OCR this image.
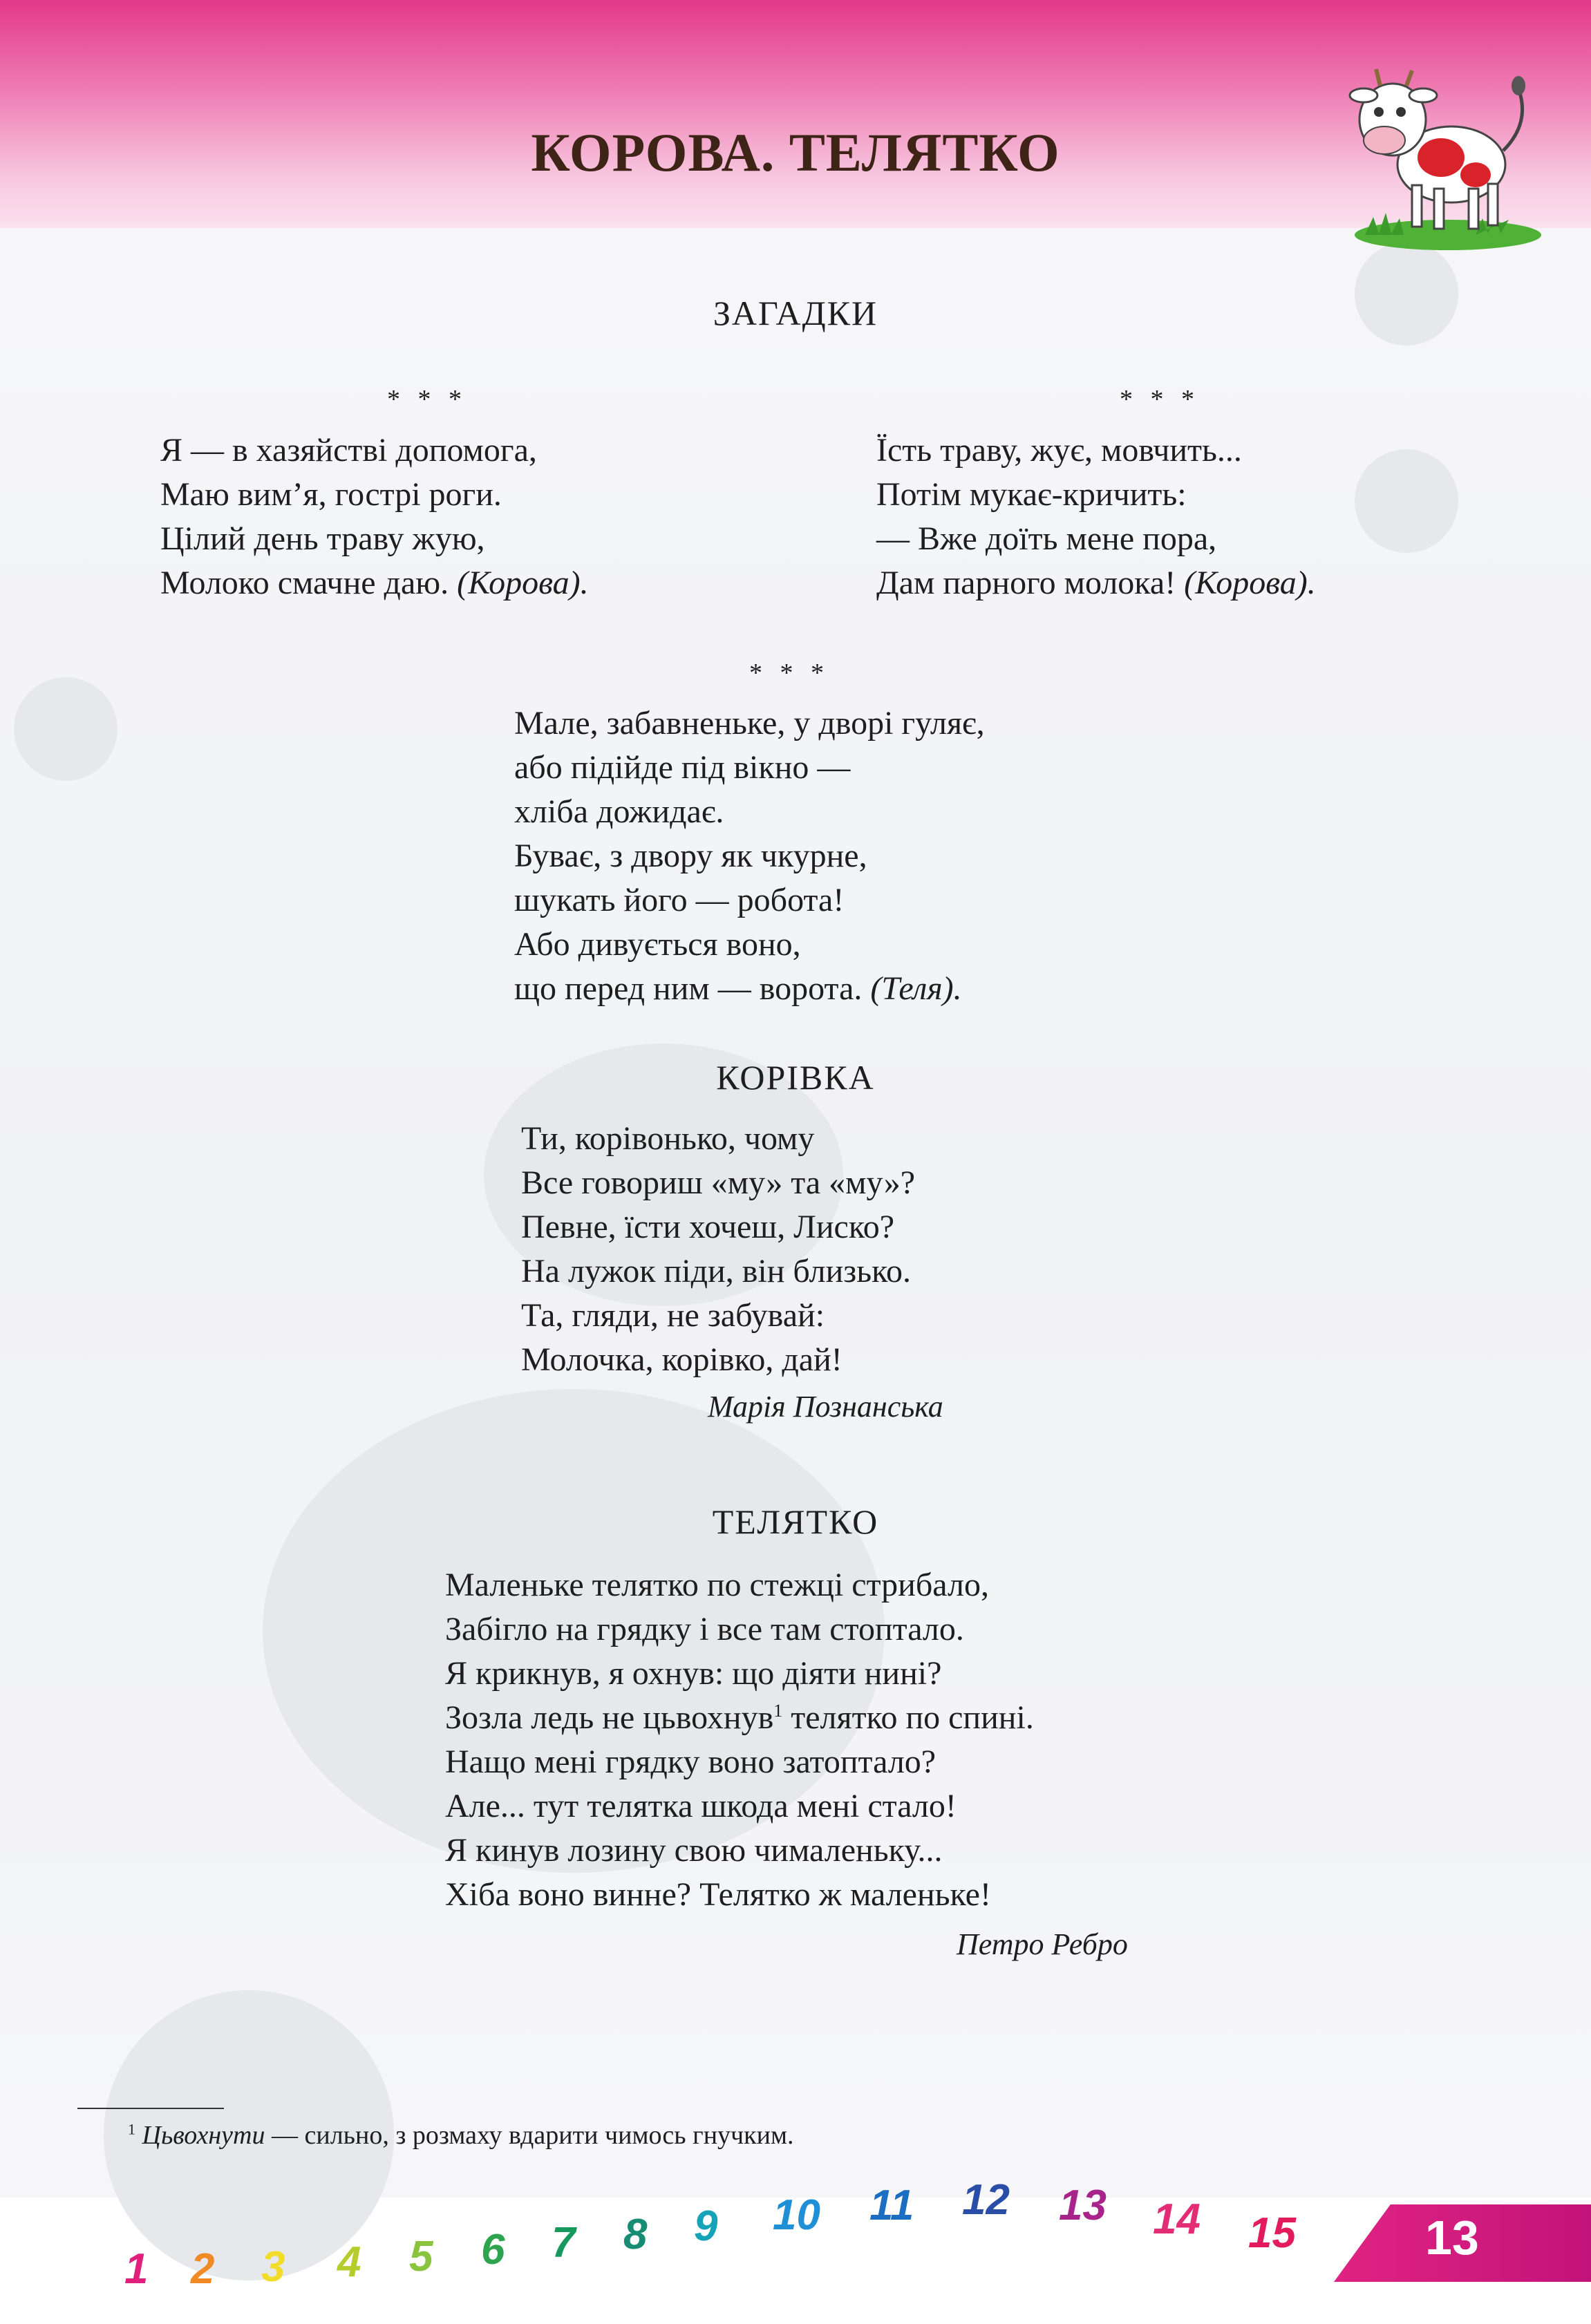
КОРОВА. ТЕЛЯТКО
ЗАГАДКИ
* * *
Я — в хазяйстві допомога,
Маю вим’я, гострі роги.
Цілий день траву жую,
Молоко смачне даю. (Корова).
* * *
Їсть траву, жує, мовчить...
Потім мукає-кричить:
— Вже доїть мене пора,
Дам парного молока! (Корова).
* * *
Мале, забавненьке, у дворі гуляє,
або підійде під вікно —
хліба дожидає.
Буває, з двору як чкурне,
шукать його — робота!
Або дивується воно,
що перед ним — ворота. (Теля).
КОРІВКА
Ти, корівонько, чому
Все говориш «му» та «му»?
Певне, їсти хочеш, Лиско?
На лужок піди, він близько.
Та, гляди, не забувай:
Молочка, корівко, дай!
Марія Познанська
ТЕЛЯТКО
Маленьке телятко по стежці стрибало,
Забігло на грядку і все там стоптало.
Я крикнув, я охнув: що діяти нині?
Зозла ледь не цьвохнув$^1$ телятко по спині.
Нащо мені грядку воно затоптало?
Але... тут телятка шкода мені стало!
Я кинув лозину свою чималеньку...
Хіба воно винне? Телятко ж маленьке!
Петро Ребро
$^1$ Цьвохнути — сильно, з розмаху вдарити чимось гнучким.
1 2 3 4 5 6 7 8 9 10 11 12 13 14 15	13
